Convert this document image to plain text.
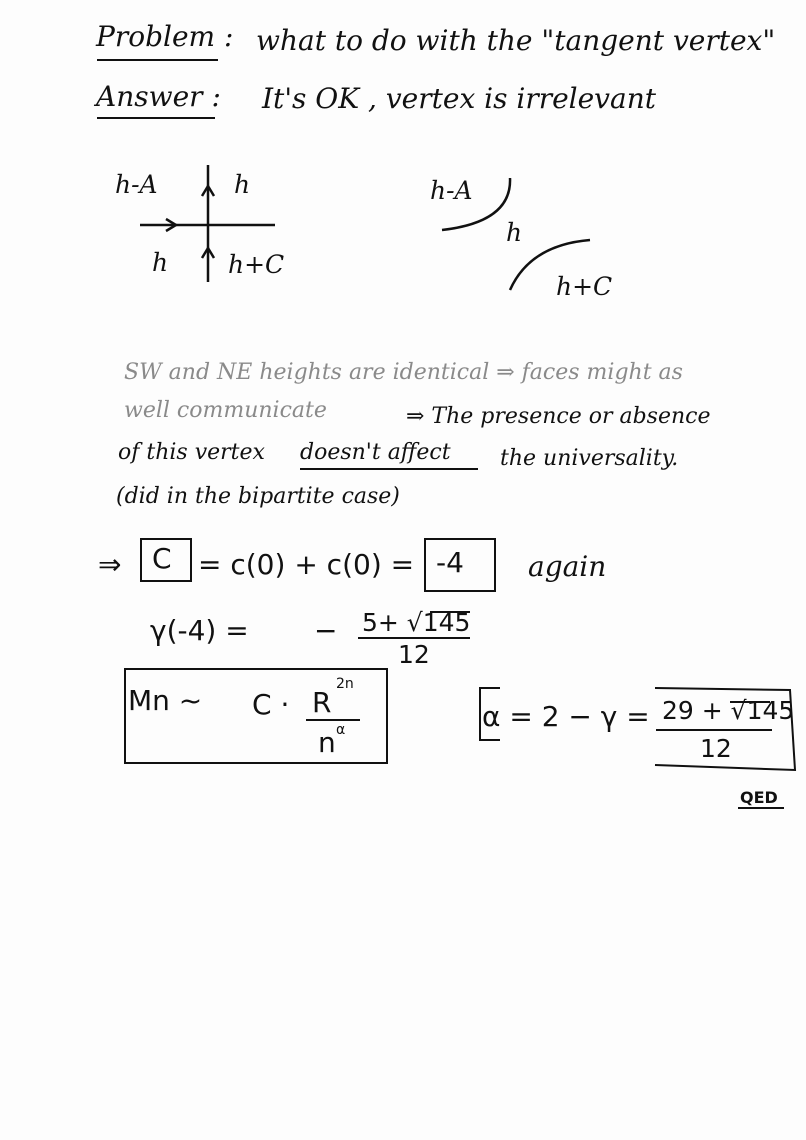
Problem : what to do with the "tangent vertex"
Answer : It's OK , vertex is irrelevant
h-A	h
h h+C
h-A
h
h+C
SW and NE heights are identical ⇒ faces might as
well communicate	⇒ The presence or absence
of this vertex doesn't affect the universality.
(did in the bipartite case)
⇒ C = c(0) + c(0) = -4 again
γ(-4) = − 5+ √145
12
Mn ~ C · R
2n
n α	α = 2 − γ = 29 + √145
12
QED
